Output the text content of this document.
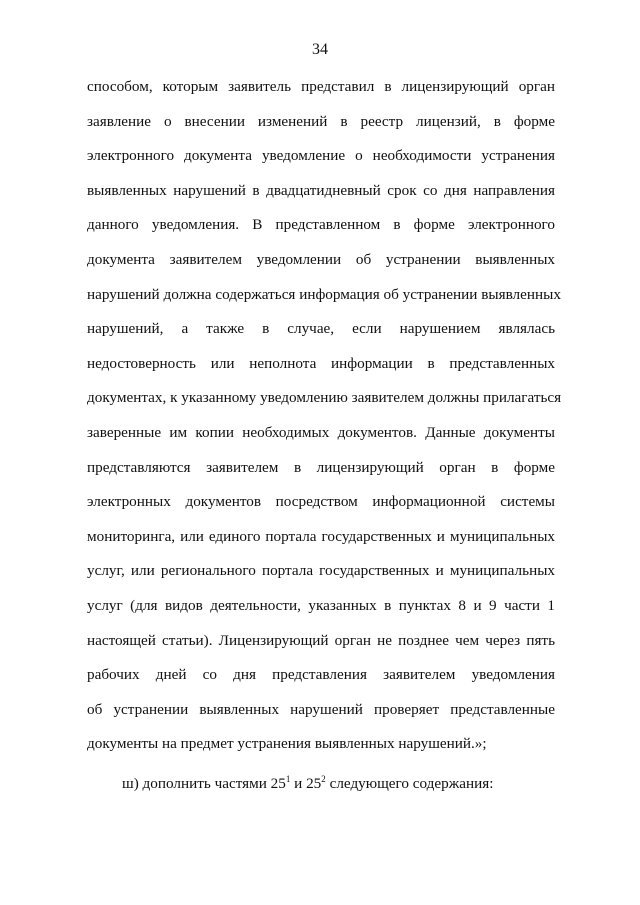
34
способом, которым заявитель представил в лицензирующий орган
заявление о внесении изменений в реестр лицензий, в форме
электронного документа уведомление о необходимости устранения
выявленных нарушений в двадцатидневный срок со дня направления
данного уведомления. В представленном в форме электронного
документа заявителем уведомлении об устранении выявленных
нарушений должна содержаться информация об устранении выявленных
нарушений, а также в случае, если нарушением являлась
недостоверность или неполнота информации в представленных
документах, к указанному уведомлению заявителем должны прилагаться
заверенные им копии необходимых документов. Данные документы
представляются заявителем в лицензирующий орган в форме
электронных документов посредством информационной системы
мониторинга, или единого портала государственных и муниципальных
услуг, или регионального портала государственных и муниципальных
услуг (для видов деятельности, указанных в пунктах 8 и 9 части 1
настоящей статьи). Лицензирующий орган не позднее чем через пять
рабочих дней со дня представления заявителем уведомления
об устранении выявленных нарушений проверяет представленные
документы на предмет устранения выявленных нарушений.»;
ш) дополнить частями $25^1$ и $25^2$ следующего содержания:
